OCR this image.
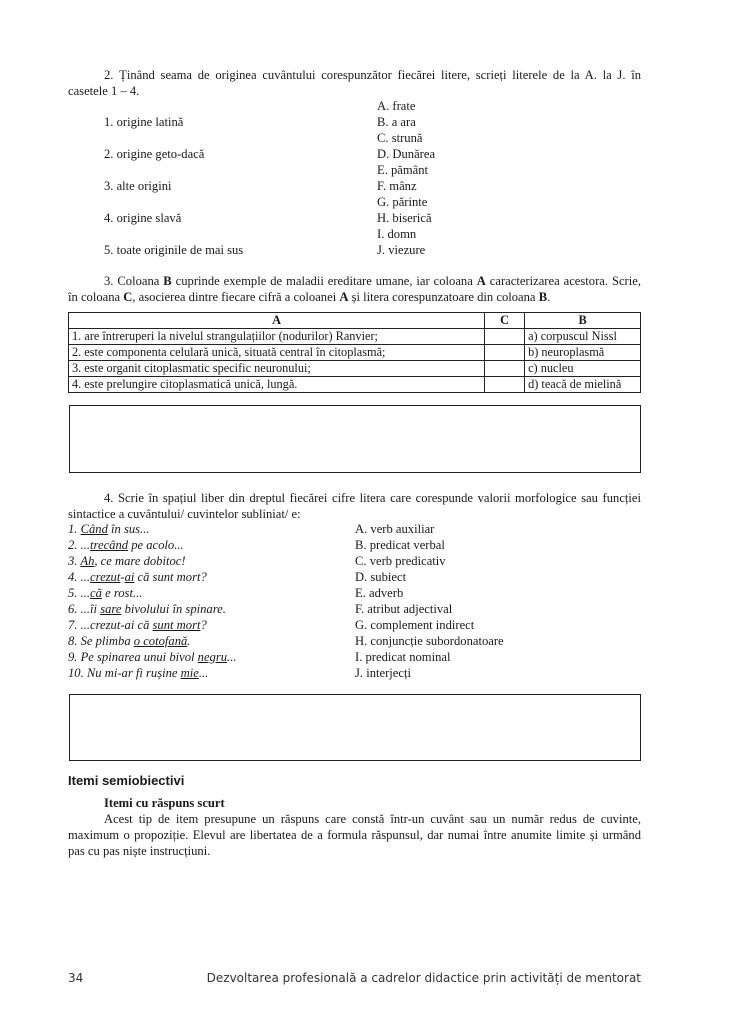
2. Ținând seama de originea cuvântului corespunzător fiecărei litere, scrieți literele de la A. la J. în casetele 1 – 4.

A. frate
B. a ara
C. strună
D. Dunărea
E. pământ
F. mânz
G. părinte
H. biserică
I. domn
J. viezure
1. origine latină
2. origine geto-dacă
3. alte origini
4. origine slavă
5. toate originile de mai sus

3. Coloana B cuprinde exemple de maladii ereditare umane, iar coloana A caracterizarea acestora. Scrie, în coloana C, asocierea dintre fiecare cifră a coloanei A și litera corespunzatoare din coloana B.

A	C	B
1. are întreruperi la nivelul strangulațiilor (nodurilor) Ranvier;		a) corpuscul Nissl
2. este componenta celulară unică, situată central în citoplasmă;		b) neuroplasmă
3. este organit citoplasmatic specific neuronului;		c) nucleu
4. este prelungire citoplasmatică unică, lungă.		d) teacă de mielină

4. Scrie în spațiul liber din dreptul fiecărei cifre litera care corespunde valorii morfologice sau funcției sintactice a cuvântului/ cuvintelor subliniat/ e:

1. Când în sus...
2. ...trecând pe acolo...
3. Ah, ce mare dobitoc!
4. ...crezut-ai că sunt mort?
5. ...că e rost...
6. ...îi sare bivolului în spinare.
7. ...crezut-ai că sunt mort?
8. Se plimba o cotofană.
9. Pe spinarea unui bivol negru...
10. Nu mi-ar fi rușine mie...
A. verb auxiliar
B. predicat verbal
C. verb predicativ
D. subiect
E. adverb
F. atribut adjectival
G. complement indirect
H. conjuncție subordonatoare
I. predicat nominal
J. interjecți
Itemi semiobiectivi
Itemi cu răspuns scurt

Acest tip de item presupune un răspuns care constă într-un cuvânt sau un număr redus de cuvinte, maximum o propoziție. Elevul are libertatea de a formula răspunsul, dar numai între anumite limite și urmând pas cu pas niște instrucțiuni.

34	Dezvoltarea profesională a cadrelor didactice prin activități de mentorat
